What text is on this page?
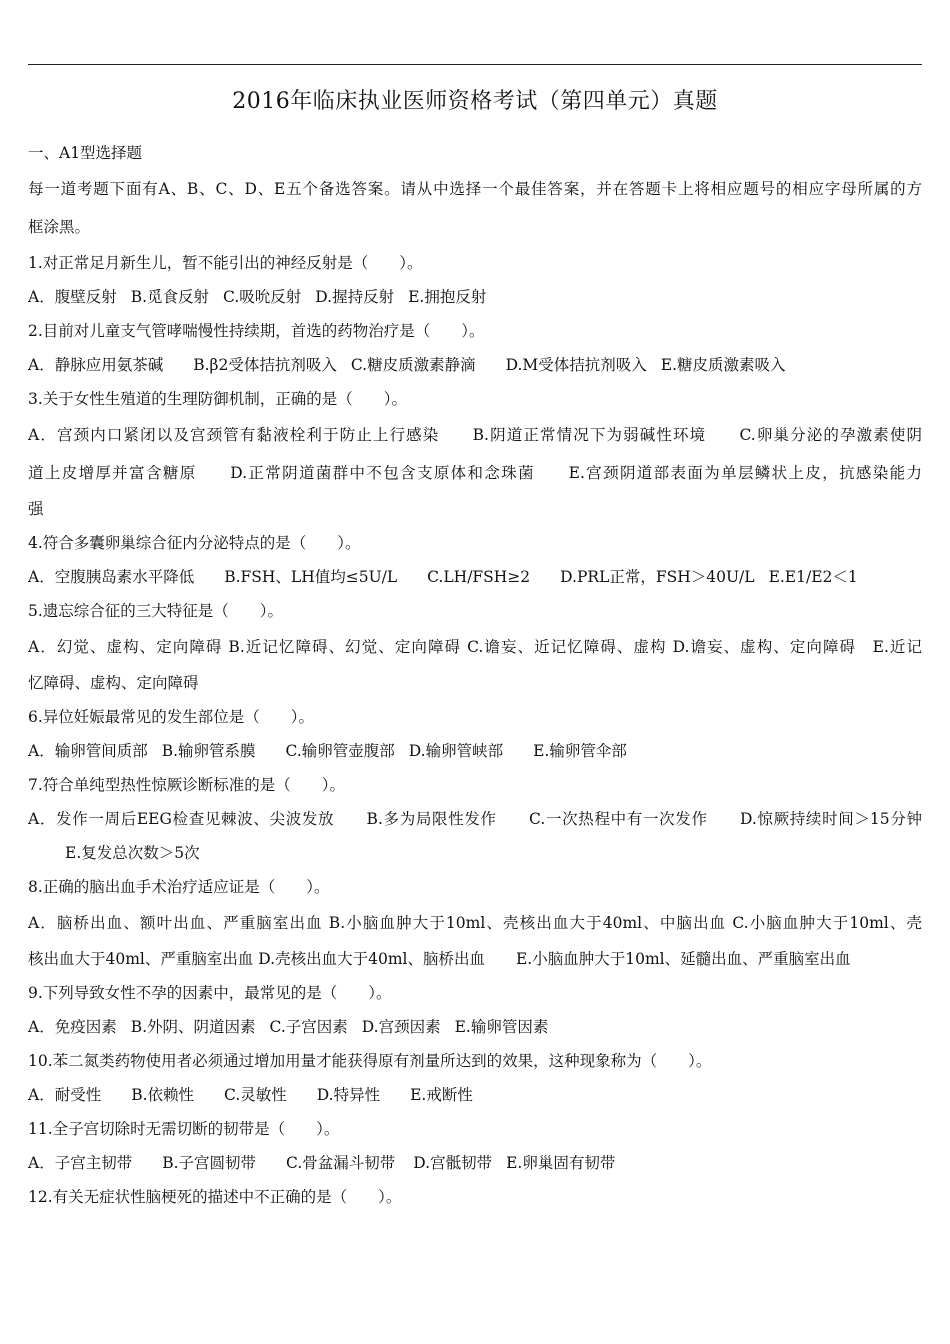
2016年临床执业医师资格考试（第四单元）真题
一、A1型选择题
每一道考题下面有A、B、C、D、E五个备选答案。请从中选择一个最佳答案，并在答题卡上将相应题号的相应字母所属的方
框涂黑。
1.对正常足月新生儿，暂不能引出的神经反射是（　　）。
A．腹壁反射 B.觅食反射 C.吸吮反射 D.握持反射 E.拥抱反射
2.目前对儿童支气管哮喘慢性持续期，首选的药物治疗是（　　）。
A．静脉应用氨茶碱 B.β2受体拮抗剂吸入 C.糖皮质激素静滴 D.M受体拮抗剂吸入 E.糖皮质激素吸入
3.关于女性生殖道的生理防御机制，正确的是（　　）。
A．宫颈内口紧闭以及宫颈管有黏液栓利于防止上行感染　　B.阴道正常情况下为弱碱性环境　　C.卵巢分泌的孕激素使阴
道上皮增厚并富含糖原　　D.正常阴道菌群中不包含支原体和念珠菌　　E.宫颈阴道部表面为单层鳞状上皮，抗感染能力
强
4.符合多囊卵巢综合征内分泌特点的是（　　）。
A．空腹胰岛素水平降低 B.FSH、LH值均≤5U/L C.LH/FSH≥2 D.PRL正常，FSH＞40U/L E.E1/E2＜1
5.遗忘综合征的三大特征是（　　）。
A．幻觉、虚构、定向障碍 B.近记忆障碍、幻觉、定向障碍 C.谵妄、近记忆障碍、虚构 D.谵妄、虚构、定向障碍　E.近记
忆障碍、虚构、定向障碍
6.异位妊娠最常见的发生部位是（　　）。
A．输卵管间质部 B.输卵管系膜 C.输卵管壶腹部 D.输卵管峡部 E.输卵管伞部
7.符合单纯型热性惊厥诊断标准的是（　　）。
A．发作一周后EEG检查见棘波、尖波发放　　B.多为局限性发作　　C.一次热程中有一次发作　　D.惊厥持续时间＞15分钟
E.复发总次数＞5次
8.正确的脑出血手术治疗适应证是（　　）。
A．脑桥出血、额叶出血、严重脑室出血 B.小脑血肿大于10ml、壳核出血大于40ml、中脑出血 C.小脑血肿大于10ml、壳
核出血大于40ml、严重脑室出血 D.壳核出血大于40ml、脑桥出血　　E.小脑血肿大于10ml、延髓出血、严重脑室出血
9.下列导致女性不孕的因素中，最常见的是（　　）。
A．免疫因素 B.外阴、阴道因素 C.子宫因素 D.宫颈因素 E.输卵管因素
10.苯二氮类药物使用者必须通过增加用量才能获得原有剂量所达到的效果，这种现象称为（　　）。
A．耐受性 B.依赖性 C.灵敏性 D.特异性 E.戒断性
11.全子宫切除时无需切断的韧带是（　　）。
A．子宫主韧带 B.子宫圆韧带 C.骨盆漏斗韧带 D.宫骶韧带 E.卵巢固有韧带
12.有关无症状性脑梗死的描述中不正确的是（　　）。
